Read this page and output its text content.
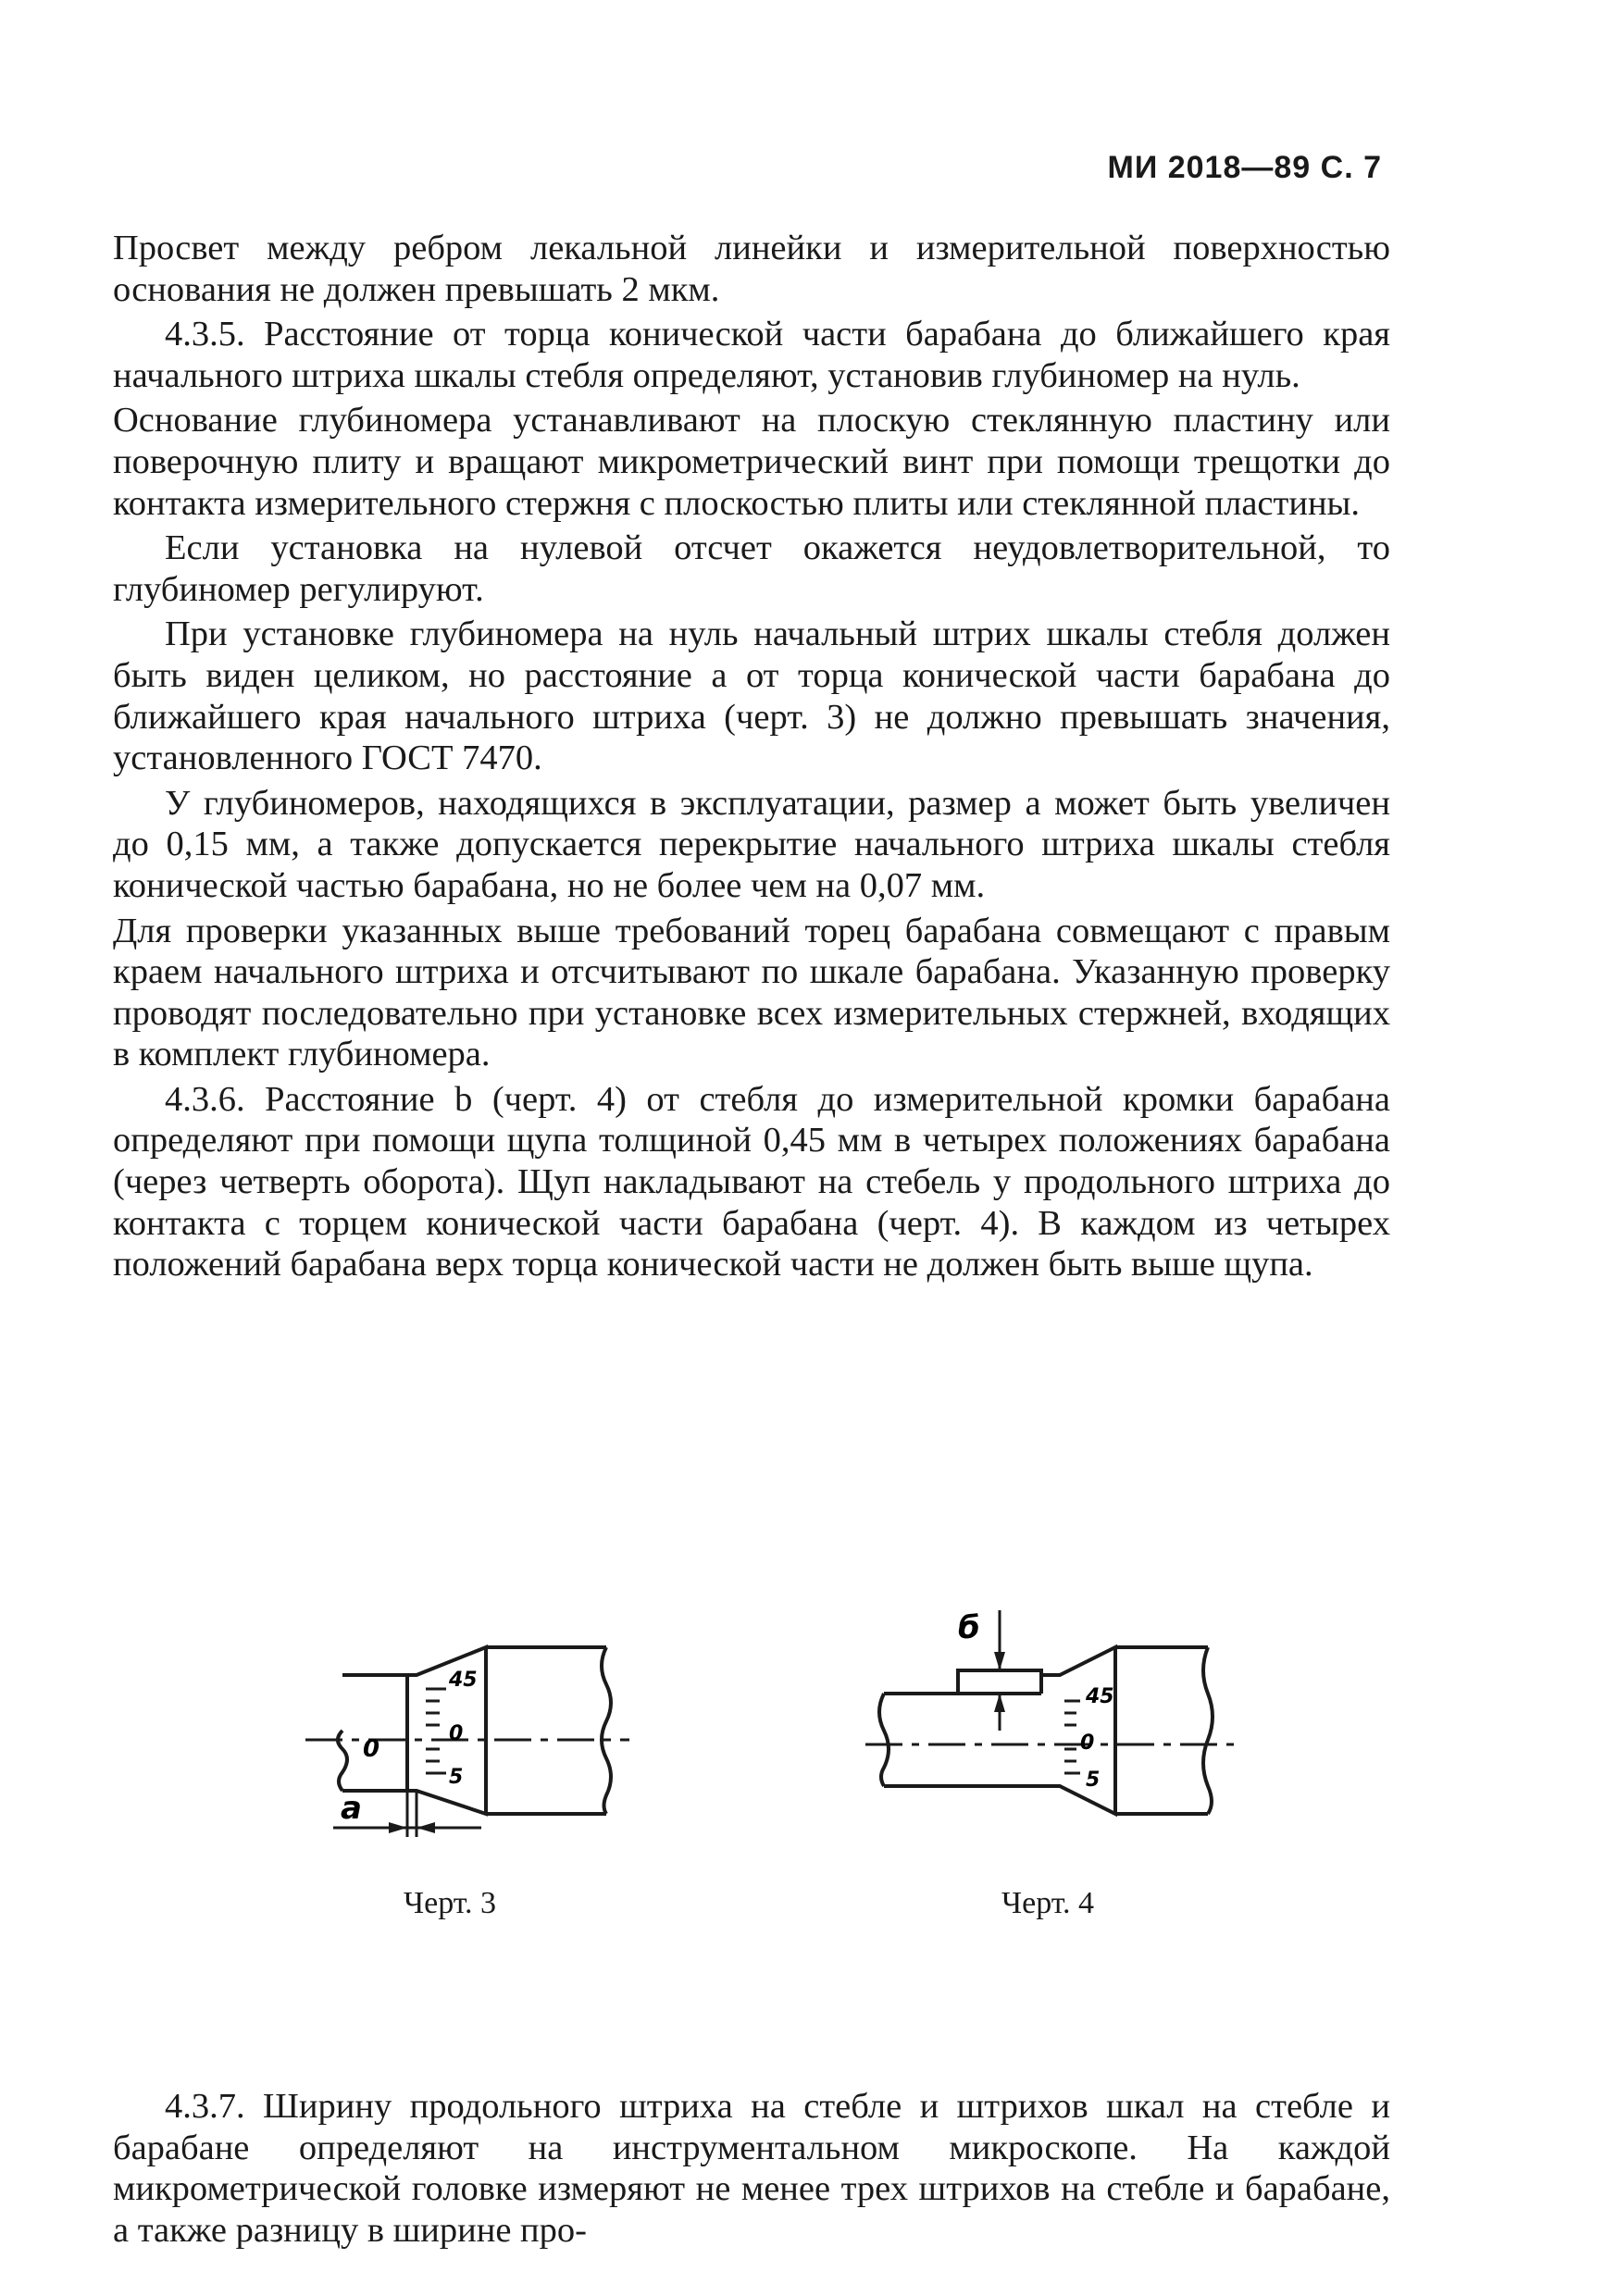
МИ 2018—89 С. 7

Просвет между ребром лекальной линейки и измерительной поверхностью основания не должен превышать 2 мкм.

4.3.5. Расстояние от торца конической части барабана до ближайшего края начального штриха шкалы стебля определяют, установив глубиномер на нуль.

Основание глубиномера устанавливают на плоскую стеклянную пластину или поверочную плиту и вращают микрометрический винт при помощи трещотки до контакта измерительного стержня с плоскостью плиты или стеклянной пластины.

Если установка на нулевой отсчет окажется неудовлетворительной, то глубиномер регулируют.

При установке глубиномера на нуль начальный штрих шкалы стебля должен быть виден целиком, но расстояние а от торца конической части барабана до ближайшего края начального штриха (черт. 3) не должно превышать значения, установленного ГОСТ 7470.

У глубиномеров, находящихся в эксплуатации, размер а может быть увеличен до 0,15 мм, а также допускается перекрытие начального штриха шкалы стебля конической частью барабана, но не более чем на 0,07 мм.

Для проверки указанных выше требований торец барабана совмещают с правым краем начального штриха и отсчитывают по шкале барабана. Указанную проверку проводят последовательно при установке всех измерительных стержней, входящих в комплект глубиномера.

4.3.6. Расстояние b (черт. 4) от стебля до измерительной кромки барабана определяют при помощи щупа толщиной 0,45 мм в четырех положениях барабана (через четверть оборота). Щуп накладывают на стебель у продольного штриха до контакта с торцем конической части барабана (черт. 4). В каждом из четырех положений барабана верх торца конической части не должен быть выше щупа.

0
45
0
5
a
Черт. 3
б
45
0
5
Черт. 4

4.3.7. Ширину продольного штриха на стебле и штрихов шкал на стебле и барабане определяют на инструментальном микроскопе. На каждой микрометрической головке измеряют не менее трех штрихов на стебле и барабане, а также разницу в ширине про-
